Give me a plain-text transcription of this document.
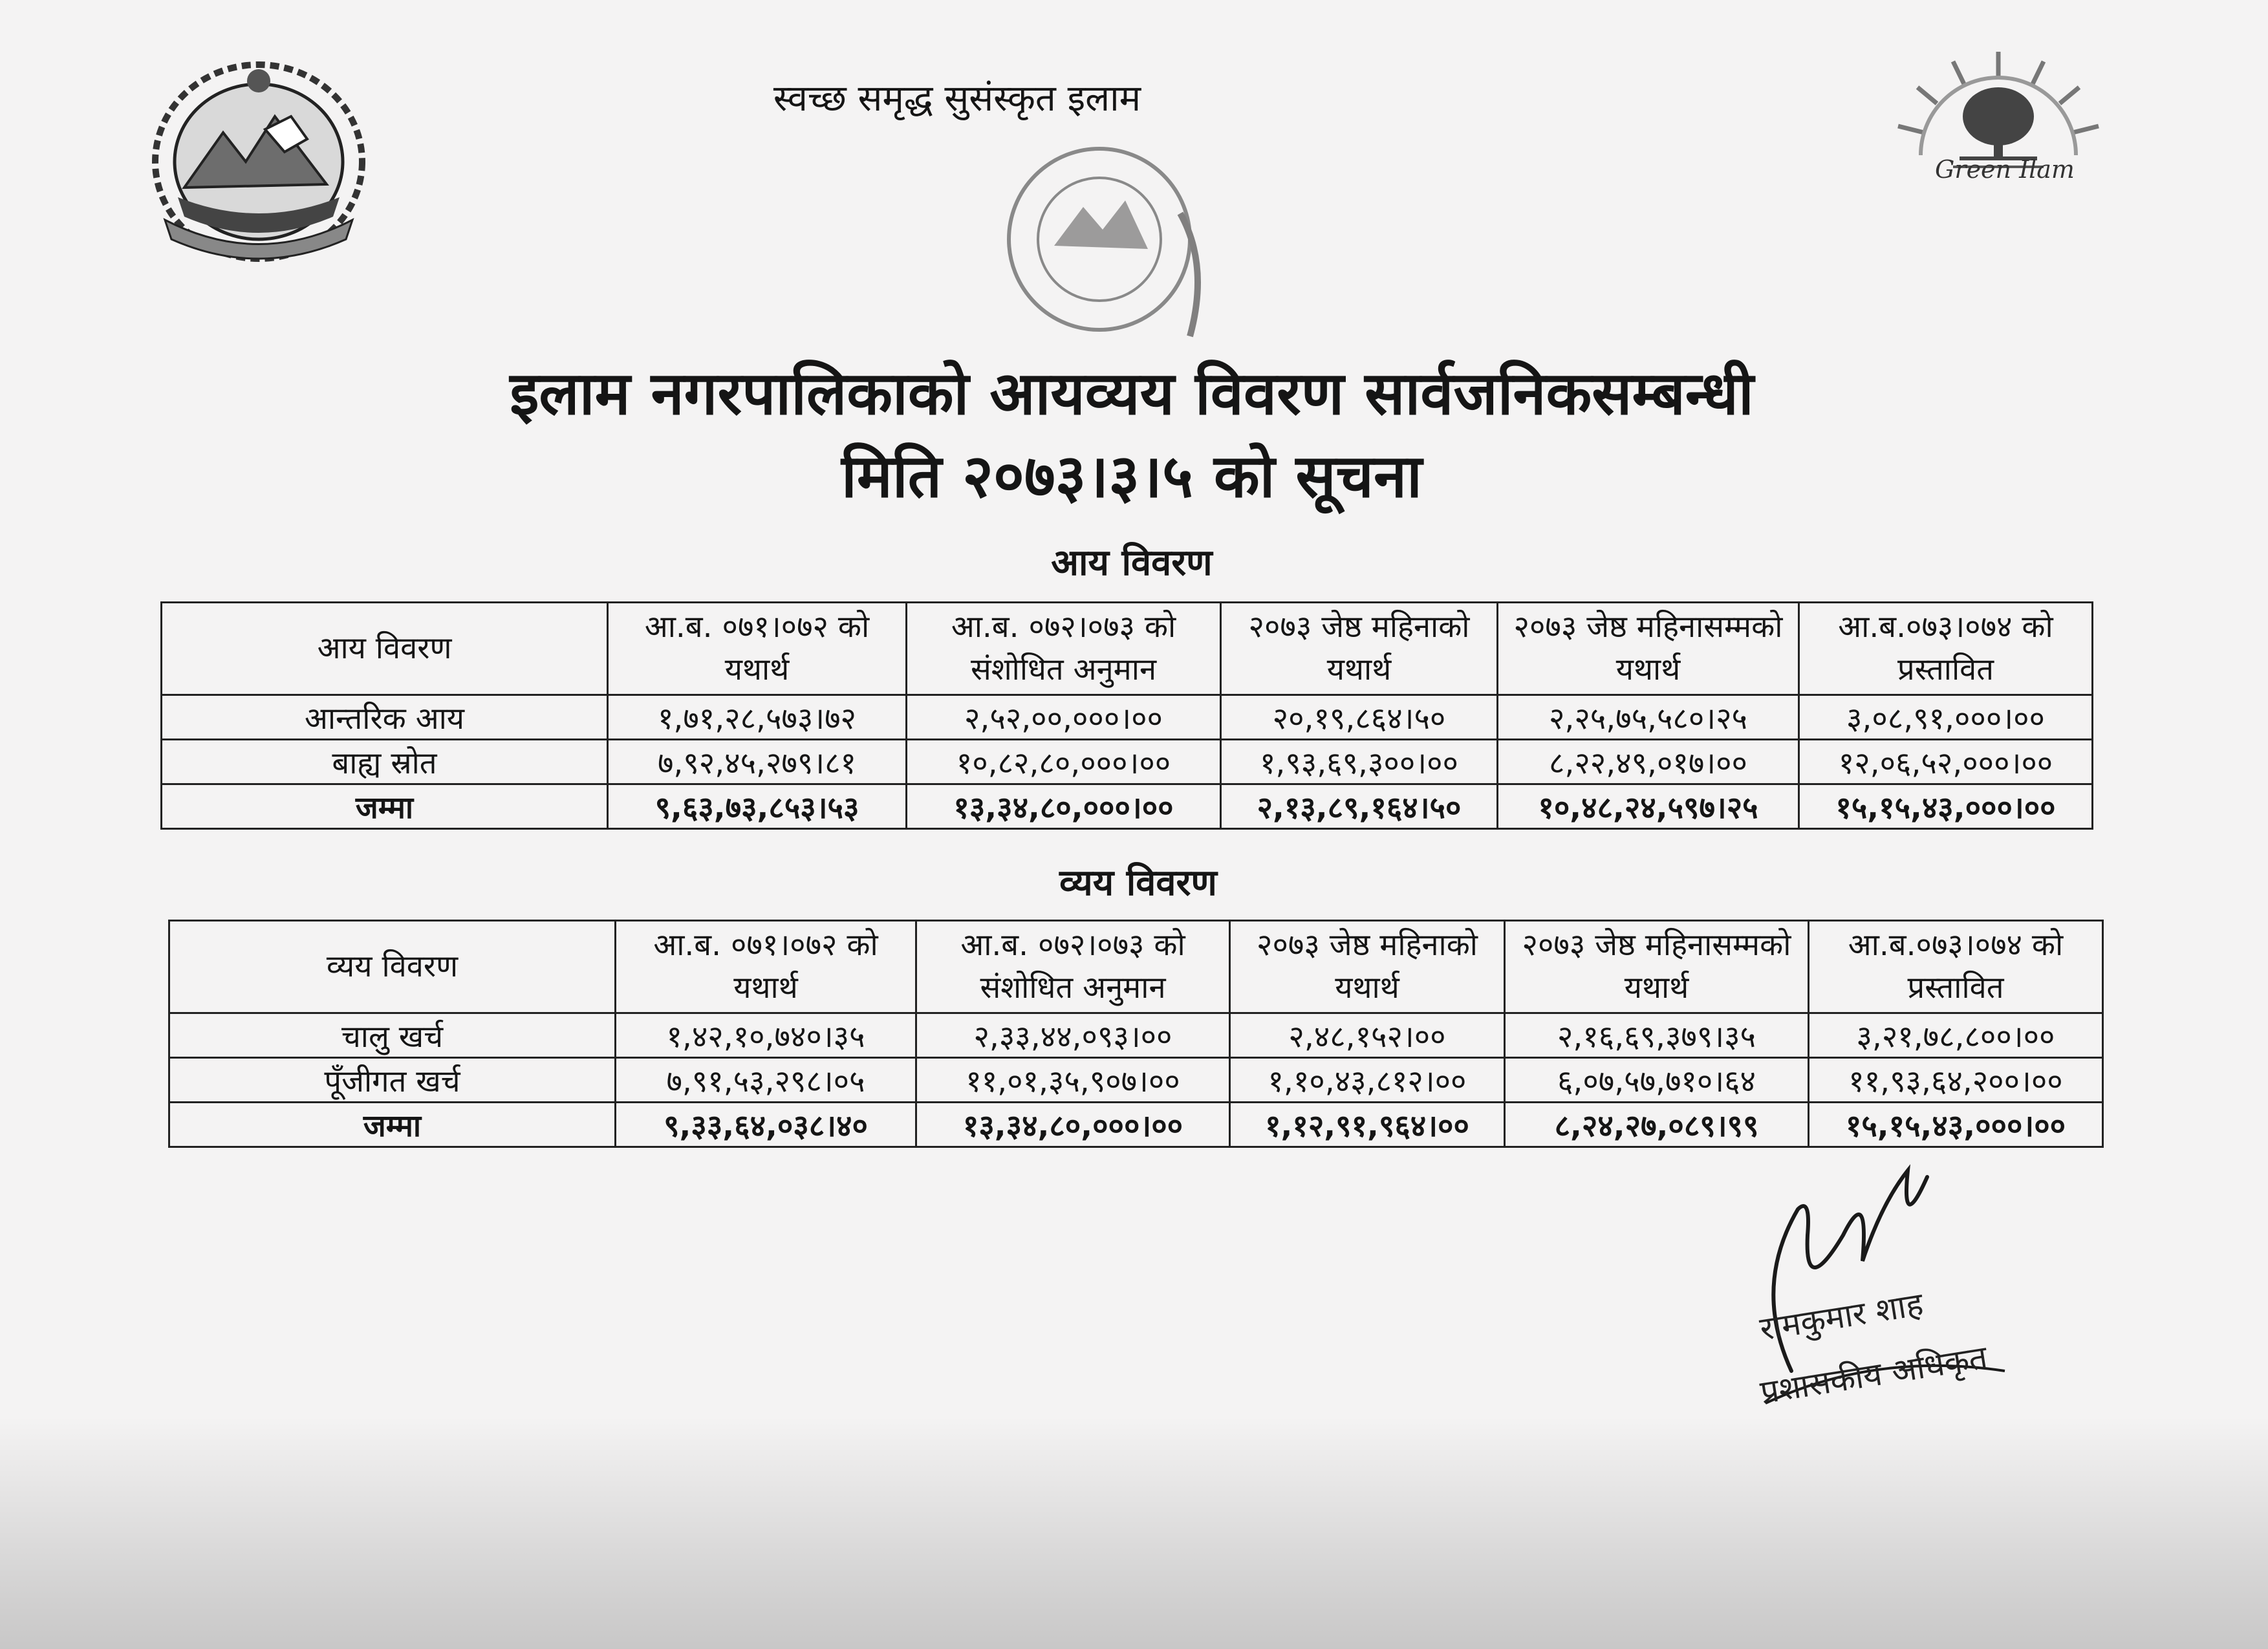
Green Ilam
स्वच्छ समृद्ध सुसंस्कृत इलाम
इलाम नगरपालिकाको आयव्यय विवरण सार्वजनिकसम्बन्धी
मिति २०७३।३।५ को सूचना
आय विवरण
आय विवरण	आ.ब. ०७१।०७२ को यथार्थ	आ.ब. ०७२।०७३ को संशोधित अनुमान	२०७३ जेष्ठ महिनाको यथार्थ	२०७३ जेष्ठ महिनासम्मको यथार्थ	आ.ब.०७३।०७४ को प्रस्तावित
आन्तरिक आय	१,७१,२८,५७३।७२	२,५२,००,०००।००	२०,१९,८६४।५०	२,२५,७५,५८०।२५	३,०८,९१,०००।००
बाह्य स्रोत	७,९२,४५,२७९।८१	१०,८२,८०,०००।००	१,९३,६९,३००।००	८,२२,४९,०१७।००	१२,०६,५२,०००।००
जम्मा	९,६३,७३,८५३।५३	१३,३४,८०,०००।००	२,१३,८९,१६४।५०	१०,४८,२४,५९७।२५	१५,१५,४३,०००।००
व्यय विवरण
व्यय विवरण	आ.ब. ०७१।०७२ को यथार्थ	आ.ब. ०७२।०७३ को संशोधित अनुमान	२०७३ जेष्ठ महिनाको यथार्थ	२०७३ जेष्ठ महिनासम्मको यथार्थ	आ.ब.०७३।०७४ को प्रस्तावित
चालु खर्च	१,४२,१०,७४०।३५	२,३३,४४,०९३।००	२,४८,१५२।००	२,१६,६९,३७९।३५	३,२१,७८,८००।००
पूँजीगत खर्च	७,९१,५३,२९८।०५	११,०१,३५,९०७।००	१,१०,४३,८१२।००	६,०७,५७,७१०।६४	११,९३,६४,२००।००
जम्मा	९,३३,६४,०३८।४०	१३,३४,८०,०००।००	१,१२,९१,९६४।००	८,२४,२७,०८९।९९	१५,१५,४३,०००।००
रामकुमार शाह
प्रशासकीय अधिकृत
